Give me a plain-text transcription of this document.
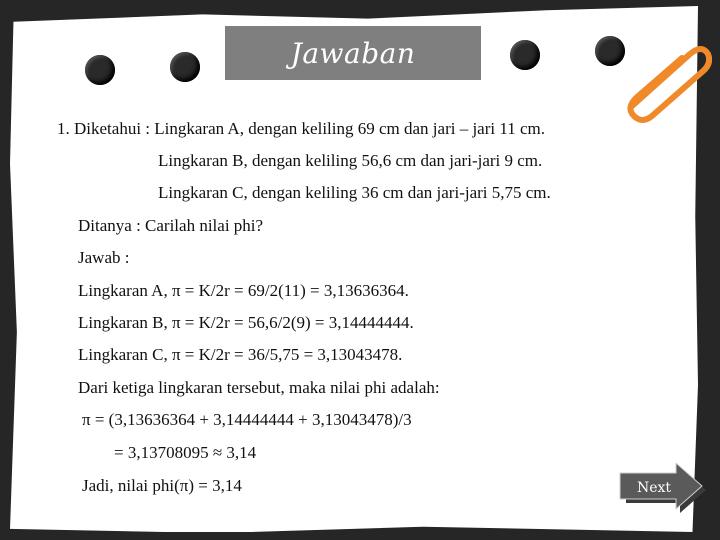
Jawaban
1. Diketahui : Lingkaran A, dengan keliling 69 cm dan jari – jari 11 cm.
Lingkaran B, dengan keliling 56,6 cm dan jari-jari 9 cm.
Lingkaran C, dengan keliling 36 cm dan jari-jari 5,75 cm.
Ditanya : Carilah nilai phi?
Jawab :
Lingkaran A, π = K/2r = 69/2(11) = 3,13636364.
Lingkaran B, π = K/2r = 56,6/2(9) = 3,14444444.
Lingkaran C, π = K/2r = 36/5,75 = 3,13043478.
Dari ketiga lingkaran tersebut, maka nilai phi adalah:
π = (3,13636364 + 3,14444444 + 3,13043478)/3
= 3,13708095 ≈ 3,14
Jadi, nilai phi(π) = 3,14	Next
